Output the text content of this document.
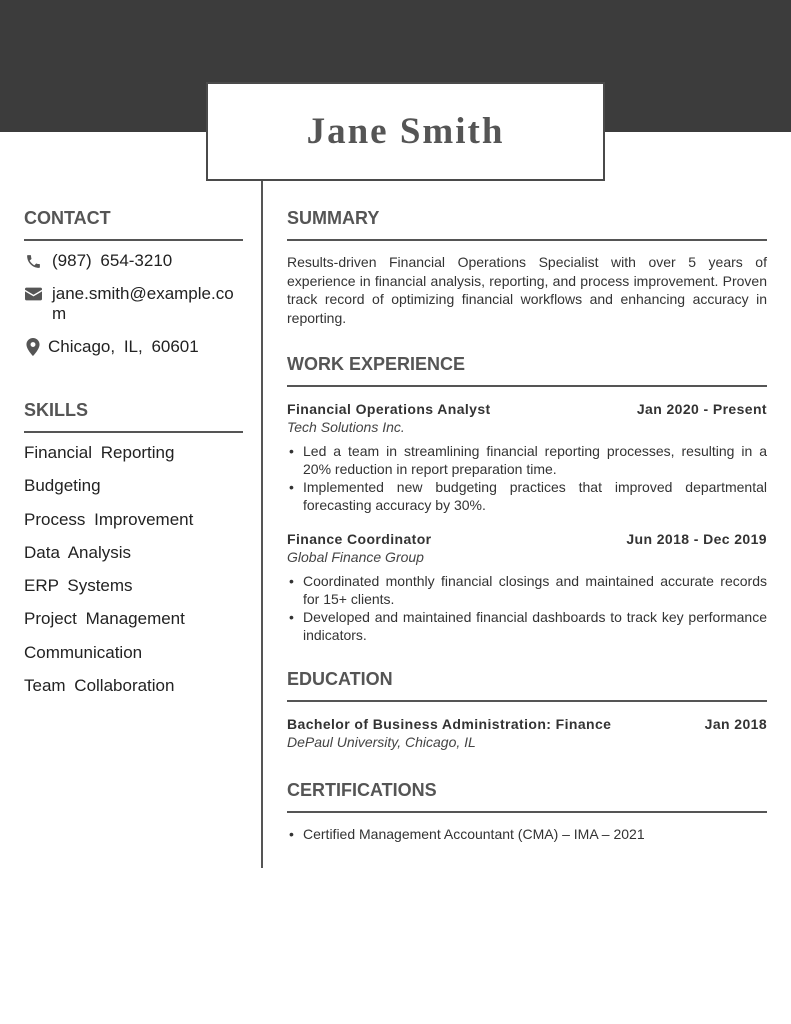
Jane Smith
CONTACT
(987) 654-3210
jane.smith@example.com
Chicago, IL, 60601
SKILLS
Financial Reporting
Budgeting
Process Improvement
Data Analysis
ERP Systems
Project Management
Communication
Team Collaboration
SUMMARY

Results-driven Financial Operations Specialist with over 5 years of experience in financial analysis, reporting, and process improvement. Proven track record of optimizing financial workflows and enhancing accuracy in reporting.

WORK EXPERIENCE
Financial Operations Analyst	Jan 2020 - Present
Tech Solutions Inc.
• Led a team in streamlining financial reporting processes, resulting in a 20% reduction in report preparation time.
• Implemented new budgeting practices that improved departmental forecasting accuracy by 30%.
Finance Coordinator	Jun 2018 - Dec 2019
Global Finance Group
• Coordinated monthly financial closings and maintained accurate records for 15+ clients.
• Developed and maintained financial dashboards to track key performance indicators.
EDUCATION
Bachelor of Business Administration: Finance	Jan 2018
DePaul University, Chicago, IL
CERTIFICATIONS
• Certified Management Accountant (CMA) – IMA – 2021
